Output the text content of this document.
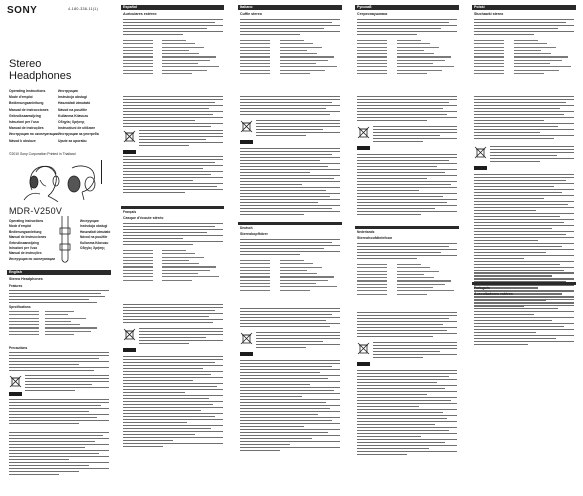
SONY	4-180-338-11(1)
Stereo
Headphones
Operating Instructions
Mode d'emploi
Bedienungsanleitung
Manual de instrucciones
Gebruiksaanwijzing
Istruzioni per l'uso
Manual de instruções
Инструкция по эксплуатации
Návod k obsluze
Инструкция
Instrukcja obsługi
Használati útmutató
Návod na použitie
Kullanma Kılavuzu
Οδηγίες Χρήσης
Instrucțiuni de utilizare
Инструкции за употреба
Upute za uporabu
©2010 Sony Corporation Printed in Thailand
MDR-V250V
Operating Instructions
Mode d'emploi
Bedienungsanleitung
Manual de instrucciones
Gebruiksaanwijzing
Istruzioni per l'uso
Manual de instruções
Инструкция по эксплуатации
Инструкция
Instrukcja obsługi
Használati útmutató
Návod na použitie
Kullanma Kılavuzu
Οδηγίες Χρήσης
English
Stereo Headphones
Features
Specifications
Precautions
Español
Auriculares estéreo
Français
Casque d'écoute stéréo
Italiano
Cuffie stereo
Deutsch
Stereokopfhörer
Русский
Стереонаушники
Nederlands
Stereohoofdtelefoon
Polski
Słuchawki stereo
Português
Auscultadores estéreo
